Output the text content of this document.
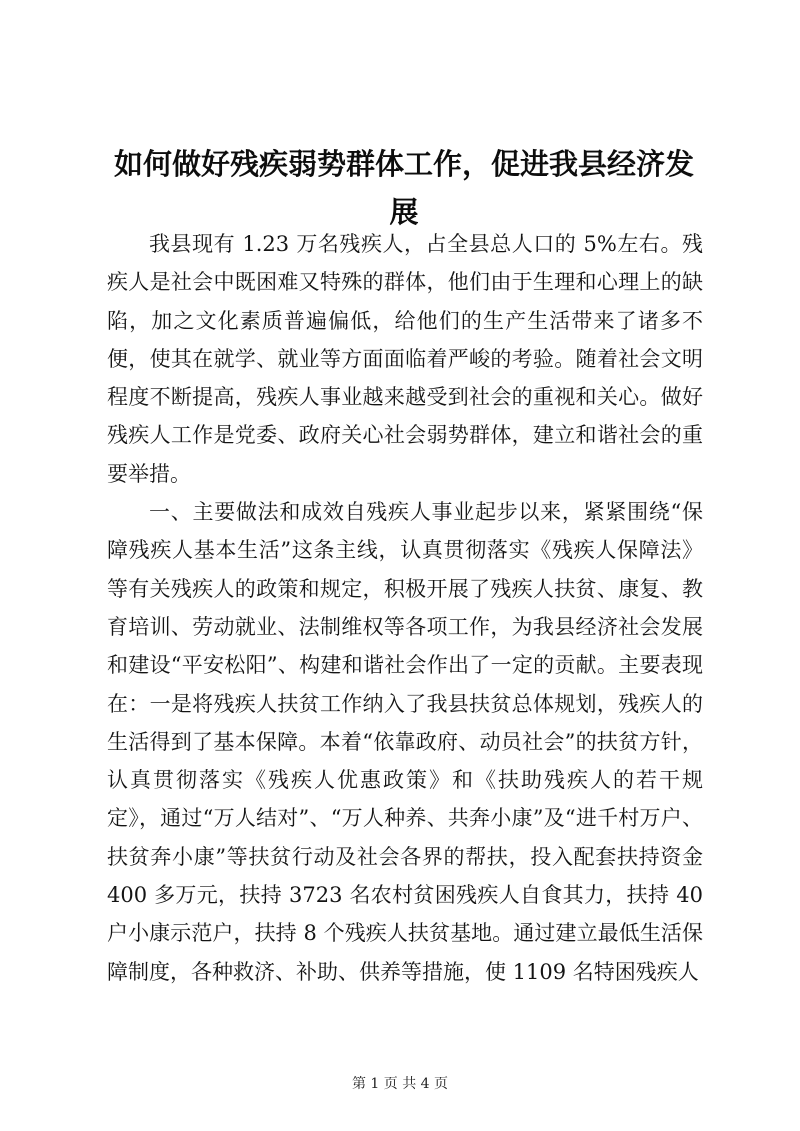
如何做好残疾弱势群体工作，促进我县经济发展

我县现有 1.23 万名残疾人，占全县总人口的 5%左右。残疾人是社会中既困难又特殊的群体，他们由于生理和心理上的缺陷，加之文化素质普遍偏低，给他们的生产生活带来了诸多不便，使其在就学、就业等方面面临着严峻的考验。随着社会文明程度不断提高，残疾人事业越来越受到社会的重视和关心。做好残疾人工作是党委、政府关心社会弱势群体，建立和谐社会的重要举措。

一、主要做法和成效自残疾人事业起步以来，紧紧围绕“保障残疾人基本生活”这条主线，认真贯彻落实《残疾人保障法》等有关残疾人的政策和规定，积极开展了残疾人扶贫、康复、教育培训、劳动就业、法制维权等各项工作，为我县经济社会发展和建设“平安松阳”、构建和谐社会作出了一定的贡献。主要表现在：一是将残疾人扶贫工作纳入了我县扶贫总体规划，残疾人的生活得到了基本保障。本着“依靠政府、动员社会”的扶贫方针，认真贯彻落实《残疾人优惠政策》和《扶助残疾人的若干规定》，通过“万人结对”、“万人种养、共奔小康”及“进千村万户、扶贫奔小康”等扶贫行动及社会各界的帮扶，投入配套扶持资金 400 多万元，扶持 3723 名农村贫困残疾人自食其力，扶持 40 户小康示范户，扶持 8 个残疾人扶贫基地。通过建立最低生活保障制度，各种救济、补助、供养等措施，使 1109 名特困残疾人

第 1 页 共 4 页
